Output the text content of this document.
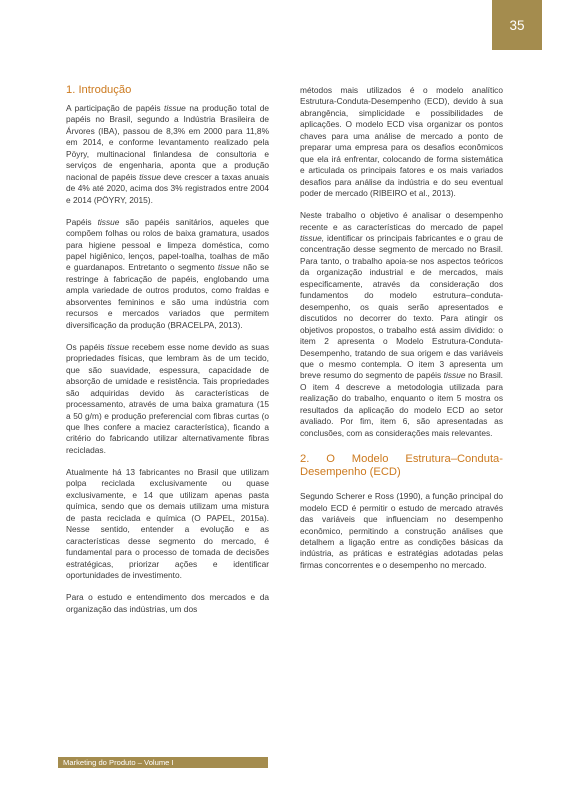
35
1. Introdução

A participação de papéis tissue na produção total de papéis no Brasil, segundo a Indústria Brasileira de Árvores (IBA), passou de 8,3% em 2000 para 11,8% em 2014, e conforme levantamento realizado pela Pöyry, multinacional finlandesa de consultoria e serviços de engenharia, aponta que a produção nacional de papéis tissue deve crescer a taxas anuais de 4% até 2020, acima dos 3% registrados entre 2004 e 2014 (PÖYRY, 2015).

Papéis tissue são papéis sanitários, aqueles que compõem folhas ou rolos de baixa gramatura, usados para higiene pessoal e limpeza doméstica, como papel higiênico, lenços, papel-toalha, toalhas de mão e guardanapos. Entretanto o segmento tissue não se restringe à fabricação de papéis, englobando uma ampla variedade de outros produtos, como fraldas e absorventes femininos e são uma indústria com recursos e mercados variados que permitem diversificação da produção (BRACELPA, 2013).

Os papéis tissue recebem esse nome devido as suas propriedades físicas, que lembram às de um tecido, que são suavidade, espessura, capacidade de absorção de umidade e resistência. Tais propriedades são adquiridas devido às características de processamento, através de uma baixa gramatura (15 a 50 g/m) e produção preferencial com fibras curtas (o que lhes confere a maciez característica), ficando a critério do fabricando utilizar alternativamente fibras recicladas.

Atualmente há 13 fabricantes no Brasil que utilizam polpa reciclada exclusivamente ou quase exclusivamente, e 14 que utilizam apenas pasta química, sendo que os demais utilizam uma mistura de pasta reciclada e química (O PAPEL, 2015a). Nesse sentido, entender a evolução e as características desse segmento do mercado, é fundamental para o processo de tomada de decisões estratégicas, priorizar ações e identificar oportunidades de investimento.

Para o estudo e entendimento dos mercados e da organização das indústrias, um dos

métodos mais utilizados é o modelo analítico Estrutura-Conduta-Desempenho (ECD), devido à sua abrangência, simplicidade e possibilidades de aplicações. O modelo ECD visa organizar os pontos chaves para uma análise de mercado a ponto de preparar uma empresa para os desafios econômicos que ela irá enfrentar, colocando de forma sistemática e articulada os principais fatores e os mais variados desafios para análise da indústria e do seu eventual poder de mercado (RIBEIRO et al., 2013).

Neste trabalho o objetivo é analisar o desempenho recente e as características do mercado de papel tissue, identificar os principais fabricantes e o grau de concentração desse segmento de mercado no Brasil. Para tanto, o trabalho apoia-se nos aspectos teóricos da organização industrial e de mercados, mais especificamente, através da consideração dos fundamentos do modelo estrutura–conduta- desempenho, os quais serão apresentados e discutidos no decorrer do texto. Para atingir os objetivos propostos, o trabalho está assim dividido: o item 2 apresenta o Modelo Estrutura-Conduta-Desempenho, tratando de sua origem e das variáveis que o mesmo contempla. O item 3 apresenta um breve resumo do segmento de papéis tissue no Brasil. O item 4 descreve a metodologia utilizada para realização do trabalho, enquanto o item 5 mostra os resultados da aplicação do modelo ECD ao setor avaliado. Por fim, item 6, são apresentadas as conclusões, com as considerações mais relevantes.

2. O Modelo Estrutura–Conduta-Desempenho (ECD)

Segundo Scherer e Ross (1990), a função principal do modelo ECD é permitir o estudo de mercado através das variáveis que influenciam no desempenho econômico, permitindo a construção análises que detalhem a ligação entre as condições básicas da indústria, as práticas e estratégias adotadas pelas firmas concorrentes e o desempenho no mercado.

Marketing do Produto – Volume I
